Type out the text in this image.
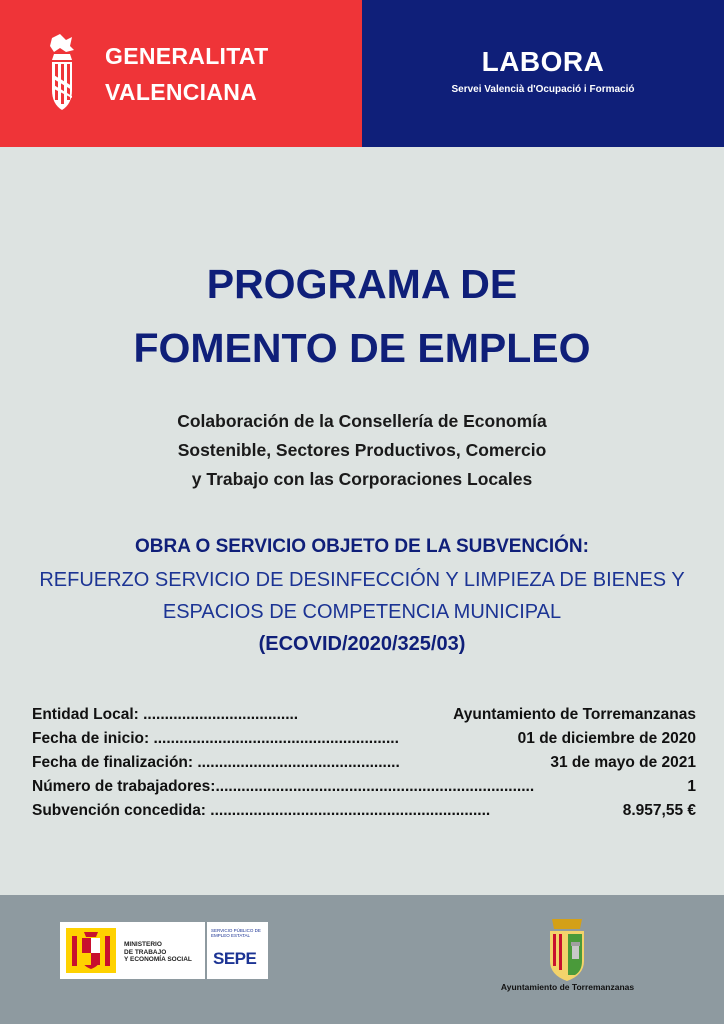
GENERALITAT
VALENCIANA
LABORA
Servei Valencià d'Ocupació i Formació
PROGRAMA DE
FOMENTO DE EMPLEO
Colaboración de la Consellería de Economía
Sostenible, Sectores Productivos, Comercio
y Trabajo con las Corporaciones Locales
OBRA O SERVICIO OBJETO DE LA SUBVENCIÓN:
REFUERZO SERVICIO DE DESINFECCIÓN Y LIMPIEZA DE BIENES Y
ESPACIOS DE COMPETENCIA MUNICIPAL
(ECOVID/2020/325/03)
Entidad Local: ....................................	Ayuntamiento de Torremanzanas
Fecha de inicio: .........................................................	01 de diciembre de 2020
Fecha de finalización: ...............................................	31 de mayo de 2021
Número de trabajadores:..........................................................................	1
Subvención concedida: .................................................................	8.957,55 €
MINISTERIO
DE TRABAJO
Y ECONOMÍA SOCIAL
SERVICIO PÚBLICO DE EMPLEO ESTATAL
SEPE
Ayuntamiento de Torremanzanas
